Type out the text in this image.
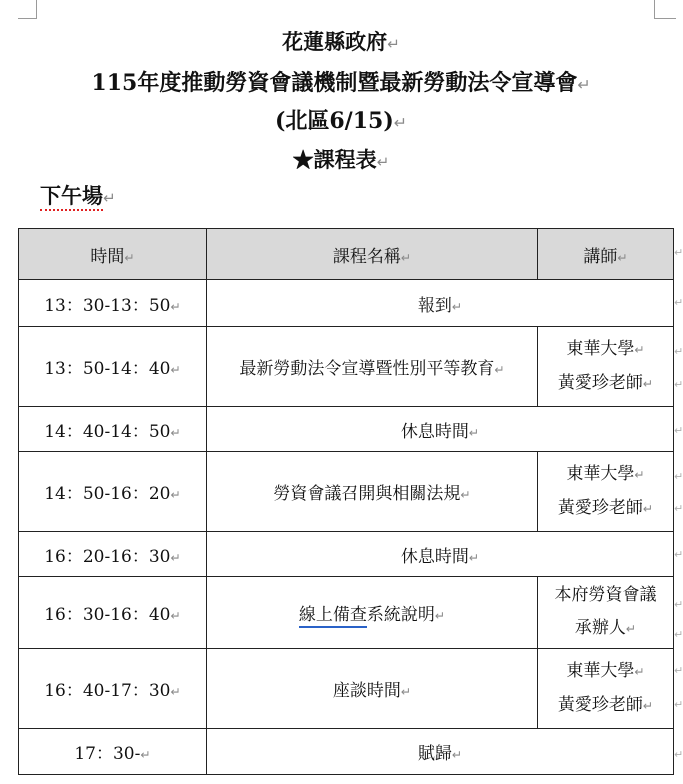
花蓮縣政府↵
115年度推動勞資會議機制暨最新勞動法令宣導會↵
(北區6/15)↵
★課程表↵
下午場↵
時間↵	課程名稱↵	講師↵
13：30-13：50↵	報到↵	
13：50-14：40↵	最新勞動法令宣導暨性別平等教育↵	東華大學↵
黃愛珍老師↵

14：40-14：50↵	休息時間↵	
14：50-16：20↵	勞資會議召開與相關法規↵	東華大學↵
黃愛珍老師↵

16：20-16：30↵	休息時間↵	
16：30-16：40↵	線上備查系統說明↵	本府勞資會議
承辦人↵

16：40-17：30↵	座談時間↵	東華大學↵
黃愛珍老師↵

17：30-↵	賦歸↵	
↵
↵
↵
↵
↵
↵
↵
↵
↵
↵
↵
↵
↵
